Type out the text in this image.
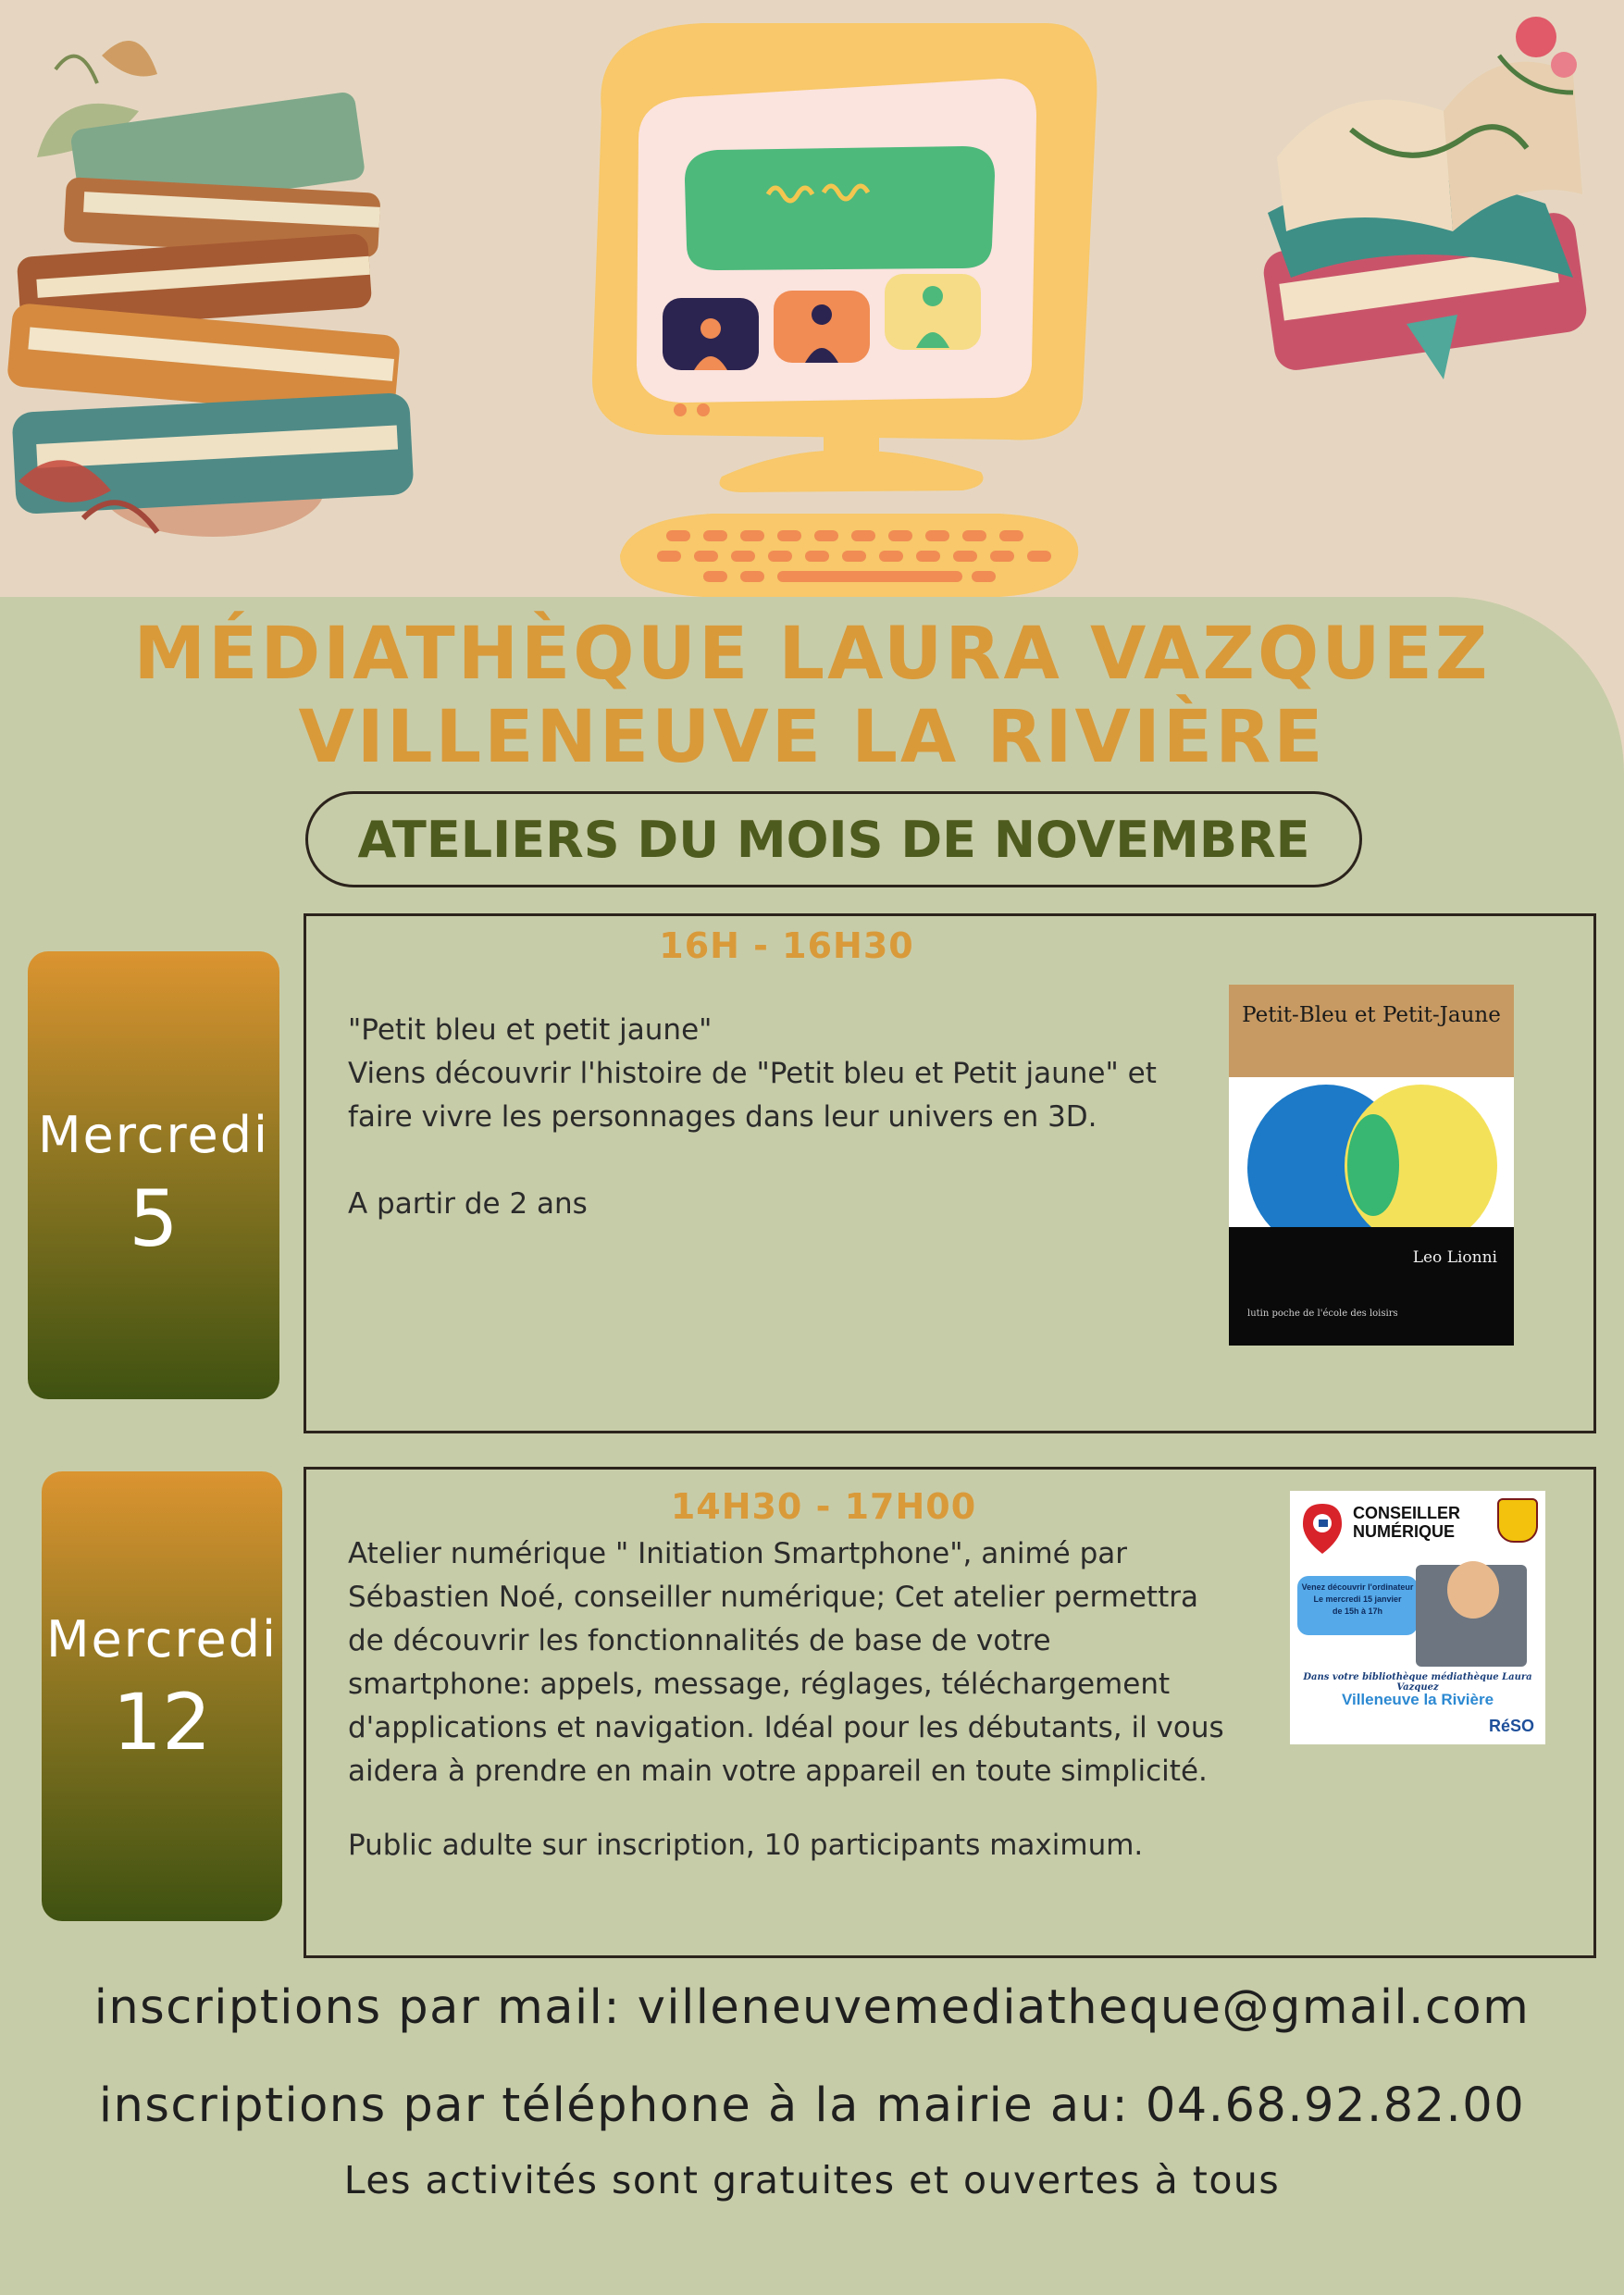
MÉDIATHÈQUE LAURA VAZQUEZ
VILLENEUVE LA RIVIÈRE
ATELIERS DU MOIS DE NOVEMBRE
Mercredi
5
16H - 16H30

"Petit bleu et petit jaune"

Viens découvrir l'histoire de "Petit bleu et Petit jaune" et faire vivre les personnages dans leur univers en 3D.

A partir de 2 ans

Petit-Bleu et Petit-Jaune
Leo Lionni
lutin poche de l'école des loisirs
Mercredi
12
14H30 - 17H00

Atelier numérique " Initiation Smartphone", animé par Sébastien Noé, conseiller numérique; Cet atelier permettra de découvrir les fonctionnalités de base de votre smartphone: appels, message, réglages, téléchargement d'applications et navigation. Idéal pour les débutants, il vous aidera à prendre en main votre appareil en toute simplicité.

Public adulte sur inscription, 10 participants maximum.

CONSEILLER
NUMÉRIQUE
Venez découvrir l'ordinateur
Le mercredi 15 janvier
de 15h à 17h
Dans votre bibliothèque médiathèque Laura Vazquez
Villeneuve la Rivière
RéSO
inscriptions par mail: villeneuvemediatheque@gmail.com
inscriptions par téléphone à la mairie au: 04.68.92.82.00
Les activités sont gratuites et ouvertes à tous
